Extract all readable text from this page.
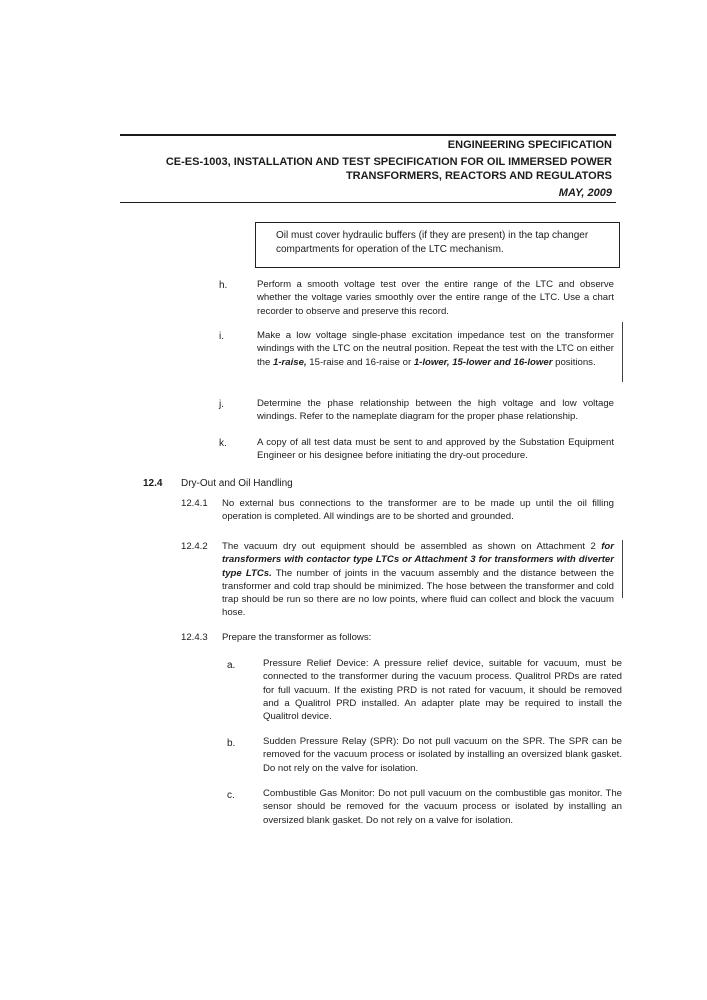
ENGINEERING SPECIFICATION
CE-ES-1003, INSTALLATION AND TEST SPECIFICATION FOR OIL IMMERSED POWER
TRANSFORMERS, REACTORS AND REGULATORS
MAY, 2009
Oil must cover hydraulic buffers (if they are present) in the tap changer compartments for operation of the LTC mechanism.
h.	Perform a smooth voltage test over the entire range of the LTC and observe whether the voltage varies smoothly over the entire range of the LTC. Use a chart recorder to observe and preserve this record.
i.	Make a low voltage single-phase excitation impedance test on the transformer windings with the LTC on the neutral position. Repeat the test with the LTC on either the 1-raise, 15-raise and 16-raise or 1-lower, 15-lower and 16-lower positions.
j.	Determine the phase relationship between the high voltage and low voltage windings. Refer to the nameplate diagram for the proper phase relationship.
k.	A copy of all test data must be sent to and approved by the Substation Equipment Engineer or his designee before initiating the dry-out procedure.
12.4 Dry-Out and Oil Handling
12.4.1 No external bus connections to the transformer are to be made up until the oil filling operation is completed. All windings are to be shorted and grounded.
12.4.2 The vacuum dry out equipment should be assembled as shown on Attachment 2 for transformers with contactor type LTCs or Attachment 3 for transformers with diverter type LTCs. The number of joints in the vacuum assembly and the distance between the transformer and cold trap should be minimized. The hose between the transformer and cold trap should be run so there are no low points, where fluid can collect and block the vacuum hose.
12.4.3 Prepare the transformer as follows:
a.	Pressure Relief Device: A pressure relief device, suitable for vacuum, must be connected to the transformer during the vacuum process. Qualitrol PRDs are rated for full vacuum. If the existing PRD is not rated for vacuum, it should be removed and a Qualitrol PRD installed. An adapter plate may be required to install the Qualitrol device.
b.	Sudden Pressure Relay (SPR): Do not pull vacuum on the SPR. The SPR can be removed for the vacuum process or isolated by installing an oversized blank gasket. Do not rely on the valve for isolation.
c.	Combustible Gas Monitor: Do not pull vacuum on the combustible gas monitor. The sensor should be removed for the vacuum process or isolated by installing an oversized blank gasket. Do not rely on a valve for isolation.
